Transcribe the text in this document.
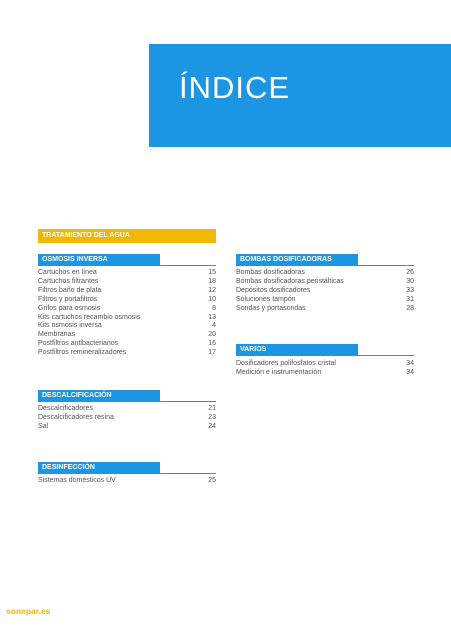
ÍNDICE
TRATAMIENTO DEL AGUA
OSMOSIS INVERSA
Cartuchos en línea	15
Cartuchos filtrantes	18
Filtros baño de plata	12
Filtros y portafiltros	10
Grifos para osmosis	8
Kits cartuchos recambio osmosis	13
Kits osmosis inversa	4
Membranas	20
Postfiltros antibacterianos	16
Postfiltros remineralizadores	17
BOMBAS DOSIFICADORAS
Bombas dosificadoras	26
Bombas dosificadoras peristálticas	30
Depósitos dosificadores	33
Soluciones tampón	31
Sondas y portasondas	28
VARIOS
Dosificadores polifosfatos cristal	34
Medición e instrumentación	34
DESCALCIFICACIÓN
Descalcificadores	21
Descalcificadores resina	23
Sal	24
DESINFECCIÓN
Sistemas domésticos UV	25
sonepar.es
